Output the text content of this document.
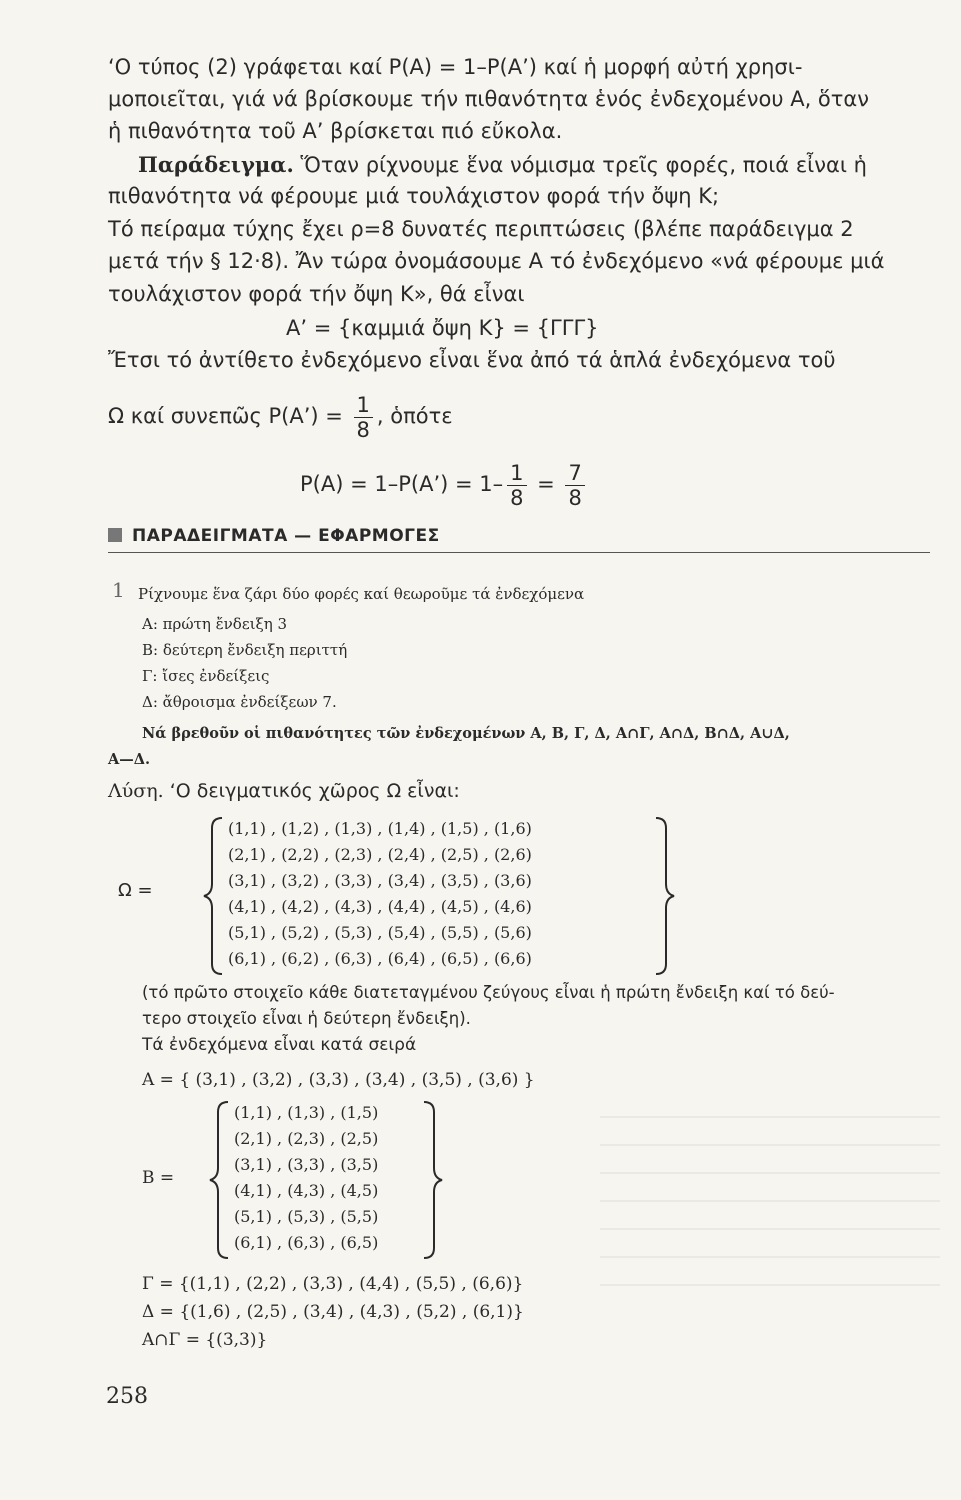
‘Ο τύπος (2) γράφεται καί P(A) = 1–P(A’) καί ἡ μορφή αὐτή χρησι-
μοποιεῖται, γιά νά βρίσκουμε τήν πιθανότητα ἑνός ἐνδεχομένου Α, ὅταν
ἡ πιθανότητα τοῦ Α’ βρίσκεται πιό εὔκολα.
Παράδειγμα. Ὅταν ρίχνουμε ἕνα νόμισμα τρεῖς φορές, ποιά εἶναι ἡ
πιθανότητα νά φέρουμε μιά τουλάχιστον φορά τήν ὄψη Κ;
Τό πείραμα τύχης ἔχει ρ=8 δυνατές περιπτώσεις (βλέπε παράδειγμα 2
μετά τήν § 12·8). Ἄν τώρα ὀνομάσουμε Α τό ἐνδεχόμενο «νά φέρουμε μιά
τουλάχιστον φορά τήν ὄψη Κ», θά εἶναι
A’ = {καμμιά ὄψη K} = {ΓΓΓ}
Ἔτσι τό ἀντίθετο ἐνδεχόμενο εἶναι ἕνα ἀπό τά ἁπλά ἐνδεχόμενα τοῦ
Ω καί συνεπῶς P(A’) = $\frac{1}{8}$ , ὁπότε
P(A) = 1–P(A’) = $1- \frac{1}{8} = \frac{7}{8}$
ΠΑΡΑΔΕΙΓΜΑΤΑ — ΕΦΑΡΜΟΓΕΣ
1 Ρίχνουμε ἕνα ζάρι δύο φορές καί θεωροῦμε τά ἐνδεχόμενα
Α: πρώτη ἔνδειξη 3
Β: δεύτερη ἔνδειξη περιττή
Γ: ἴσες ἐνδείξεις
Δ: ἄθροισμα ἐνδείξεων 7.
Νά βρεθοῦν οἱ πιθανότητες τῶν ἐνδεχομένων Α, Β, Γ, Δ, Α∩Γ, Α∩Δ, Β∩Δ, Α∪Δ,
Α—Δ.
Λύση. ‘Ο δειγματικός χῶρος Ω εἶναι:
Ω =
(1,1) , (1,2) , (1,3) , (1,4) , (1,5) , (1,6)
(2,1) , (2,2) , (2,3) , (2,4) , (2,5) , (2,6)
(3,1) , (3,2) , (3,3) , (3,4) , (3,5) , (3,6)
(4,1) , (4,2) , (4,3) , (4,4) , (4,5) , (4,6)
(5,1) , (5,2) , (5,3) , (5,4) , (5,5) , (5,6)
(6,1) , (6,2) , (6,3) , (6,4) , (6,5) , (6,6)
(τό πρῶτο στοιχεῖο κάθε διατεταγμένου ζεύγους εἶναι ἡ πρώτη ἔνδειξη καί τό δεύ-
τερο στοιχεῖο εἶναι ἡ δεύτερη ἔνδειξη).
Τά ἐνδεχόμενα εἶναι κατά σειρά
A = { (3,1) , (3,2) , (3,3) , (3,4) , (3,5) , (3,6) }
B =
(1,1) , (1,3) , (1,5)
(2,1) , (2,3) , (2,5)
(3,1) , (3,3) , (3,5)
(4,1) , (4,3) , (4,5)
(5,1) , (5,3) , (5,5)
(6,1) , (6,3) , (6,5)
Γ = {(1,1) , (2,2) , (3,3) , (4,4) , (5,5) , (6,6)}
Δ = {(1,6) , (2,5) , (3,4) , (4,3) , (5,2) , (6,1)}
Α∩Γ = {(3,3)}
258
